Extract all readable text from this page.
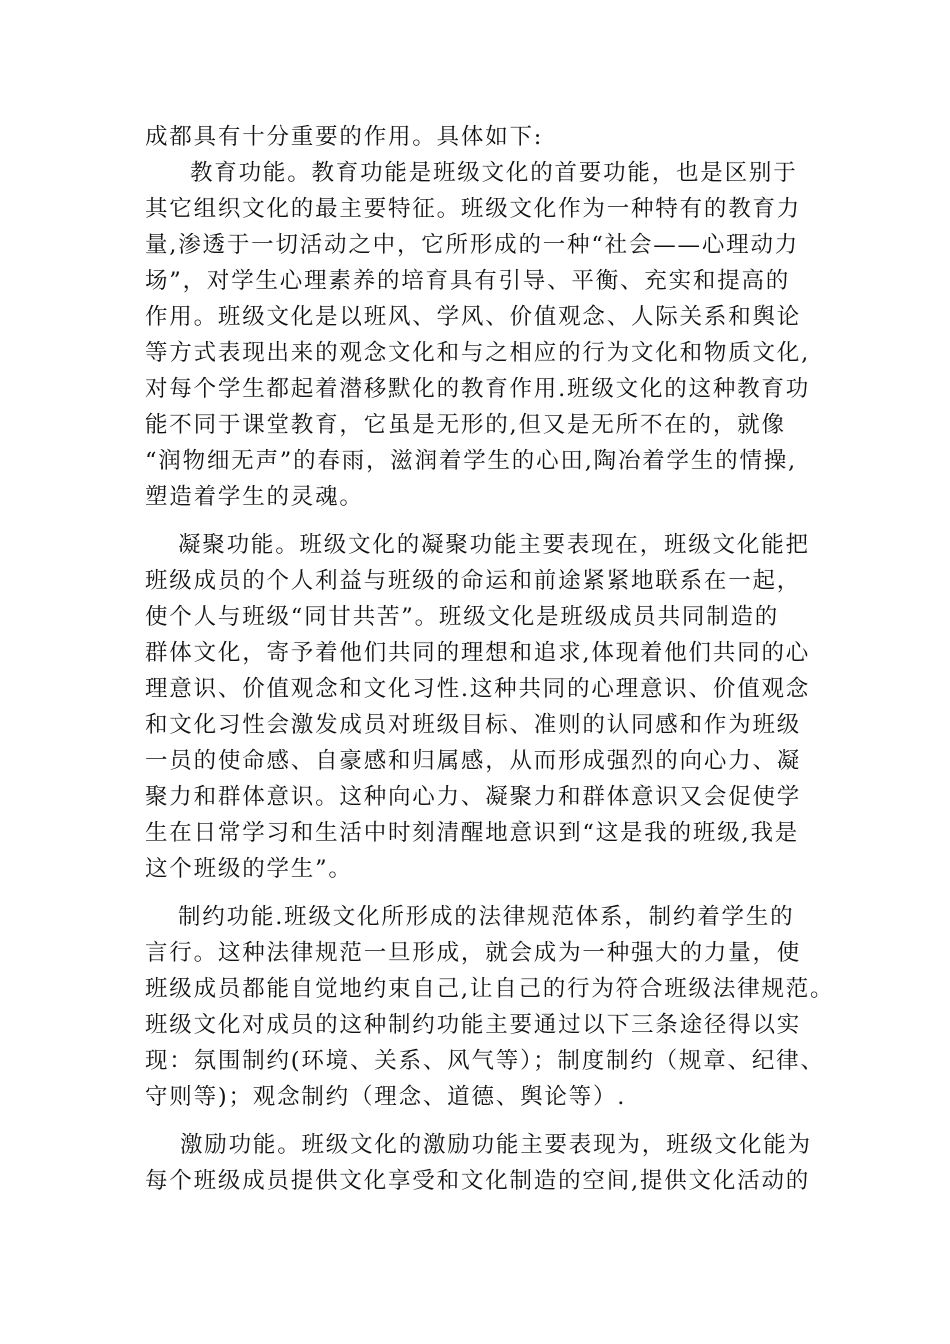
成都具有十分重要的作用。具体如下:
教育功能。教育功能是班级文化的首要功能，也是区别于
其它组织文化的最主要特征。班级文化作为一种特有的教育力
量,渗透于一切活动之中，它所形成的一种“社会——心理动力
场”，对学生心理素养的培育具有引导、平衡、充实和提高的
作用。班级文化是以班风、学风、价值观念、人际关系和舆论
等方式表现出来的观念文化和与之相应的行为文化和物质文化,
对每个学生都起着潜移默化的教育作用.班级文化的这种教育功
能不同于课堂教育，它虽是无形的,但又是无所不在的，就像
“润物细无声”的春雨，滋润着学生的心田,陶冶着学生的情操,
塑造着学生的灵魂。
凝聚功能。班级文化的凝聚功能主要表现在，班级文化能把
班级成员的个人利益与班级的命运和前途紧紧地联系在一起，
使个人与班级“同甘共苦”。班级文化是班级成员共同制造的
群体文化，寄予着他们共同的理想和追求,体现着他们共同的心
理意识、价值观念和文化习性.这种共同的心理意识、价值观念
和文化习性会激发成员对班级目标、准则的认同感和作为班级
一员的使命感、自豪感和归属感，从而形成强烈的向心力、凝
聚力和群体意识。这种向心力、凝聚力和群体意识又会促使学
生在日常学习和生活中时刻清醒地意识到“这是我的班级,我是
这个班级的学生”。
制约功能.班级文化所形成的法律规范体系，制约着学生的
言行。这种法律规范一旦形成，就会成为一种强大的力量，使
班级成员都能自觉地约束自己,让自己的行为符合班级法律规范。
班级文化对成员的这种制约功能主要通过以下三条途径得以实
现：氛围制约(环境、关系、风气等）；制度制约（规章、纪律、
守则等)；观念制约（理念、道德、舆论等）.
激励功能。班级文化的激励功能主要表现为，班级文化能为
每个班级成员提供文化享受和文化制造的空间,提供文化活动的
